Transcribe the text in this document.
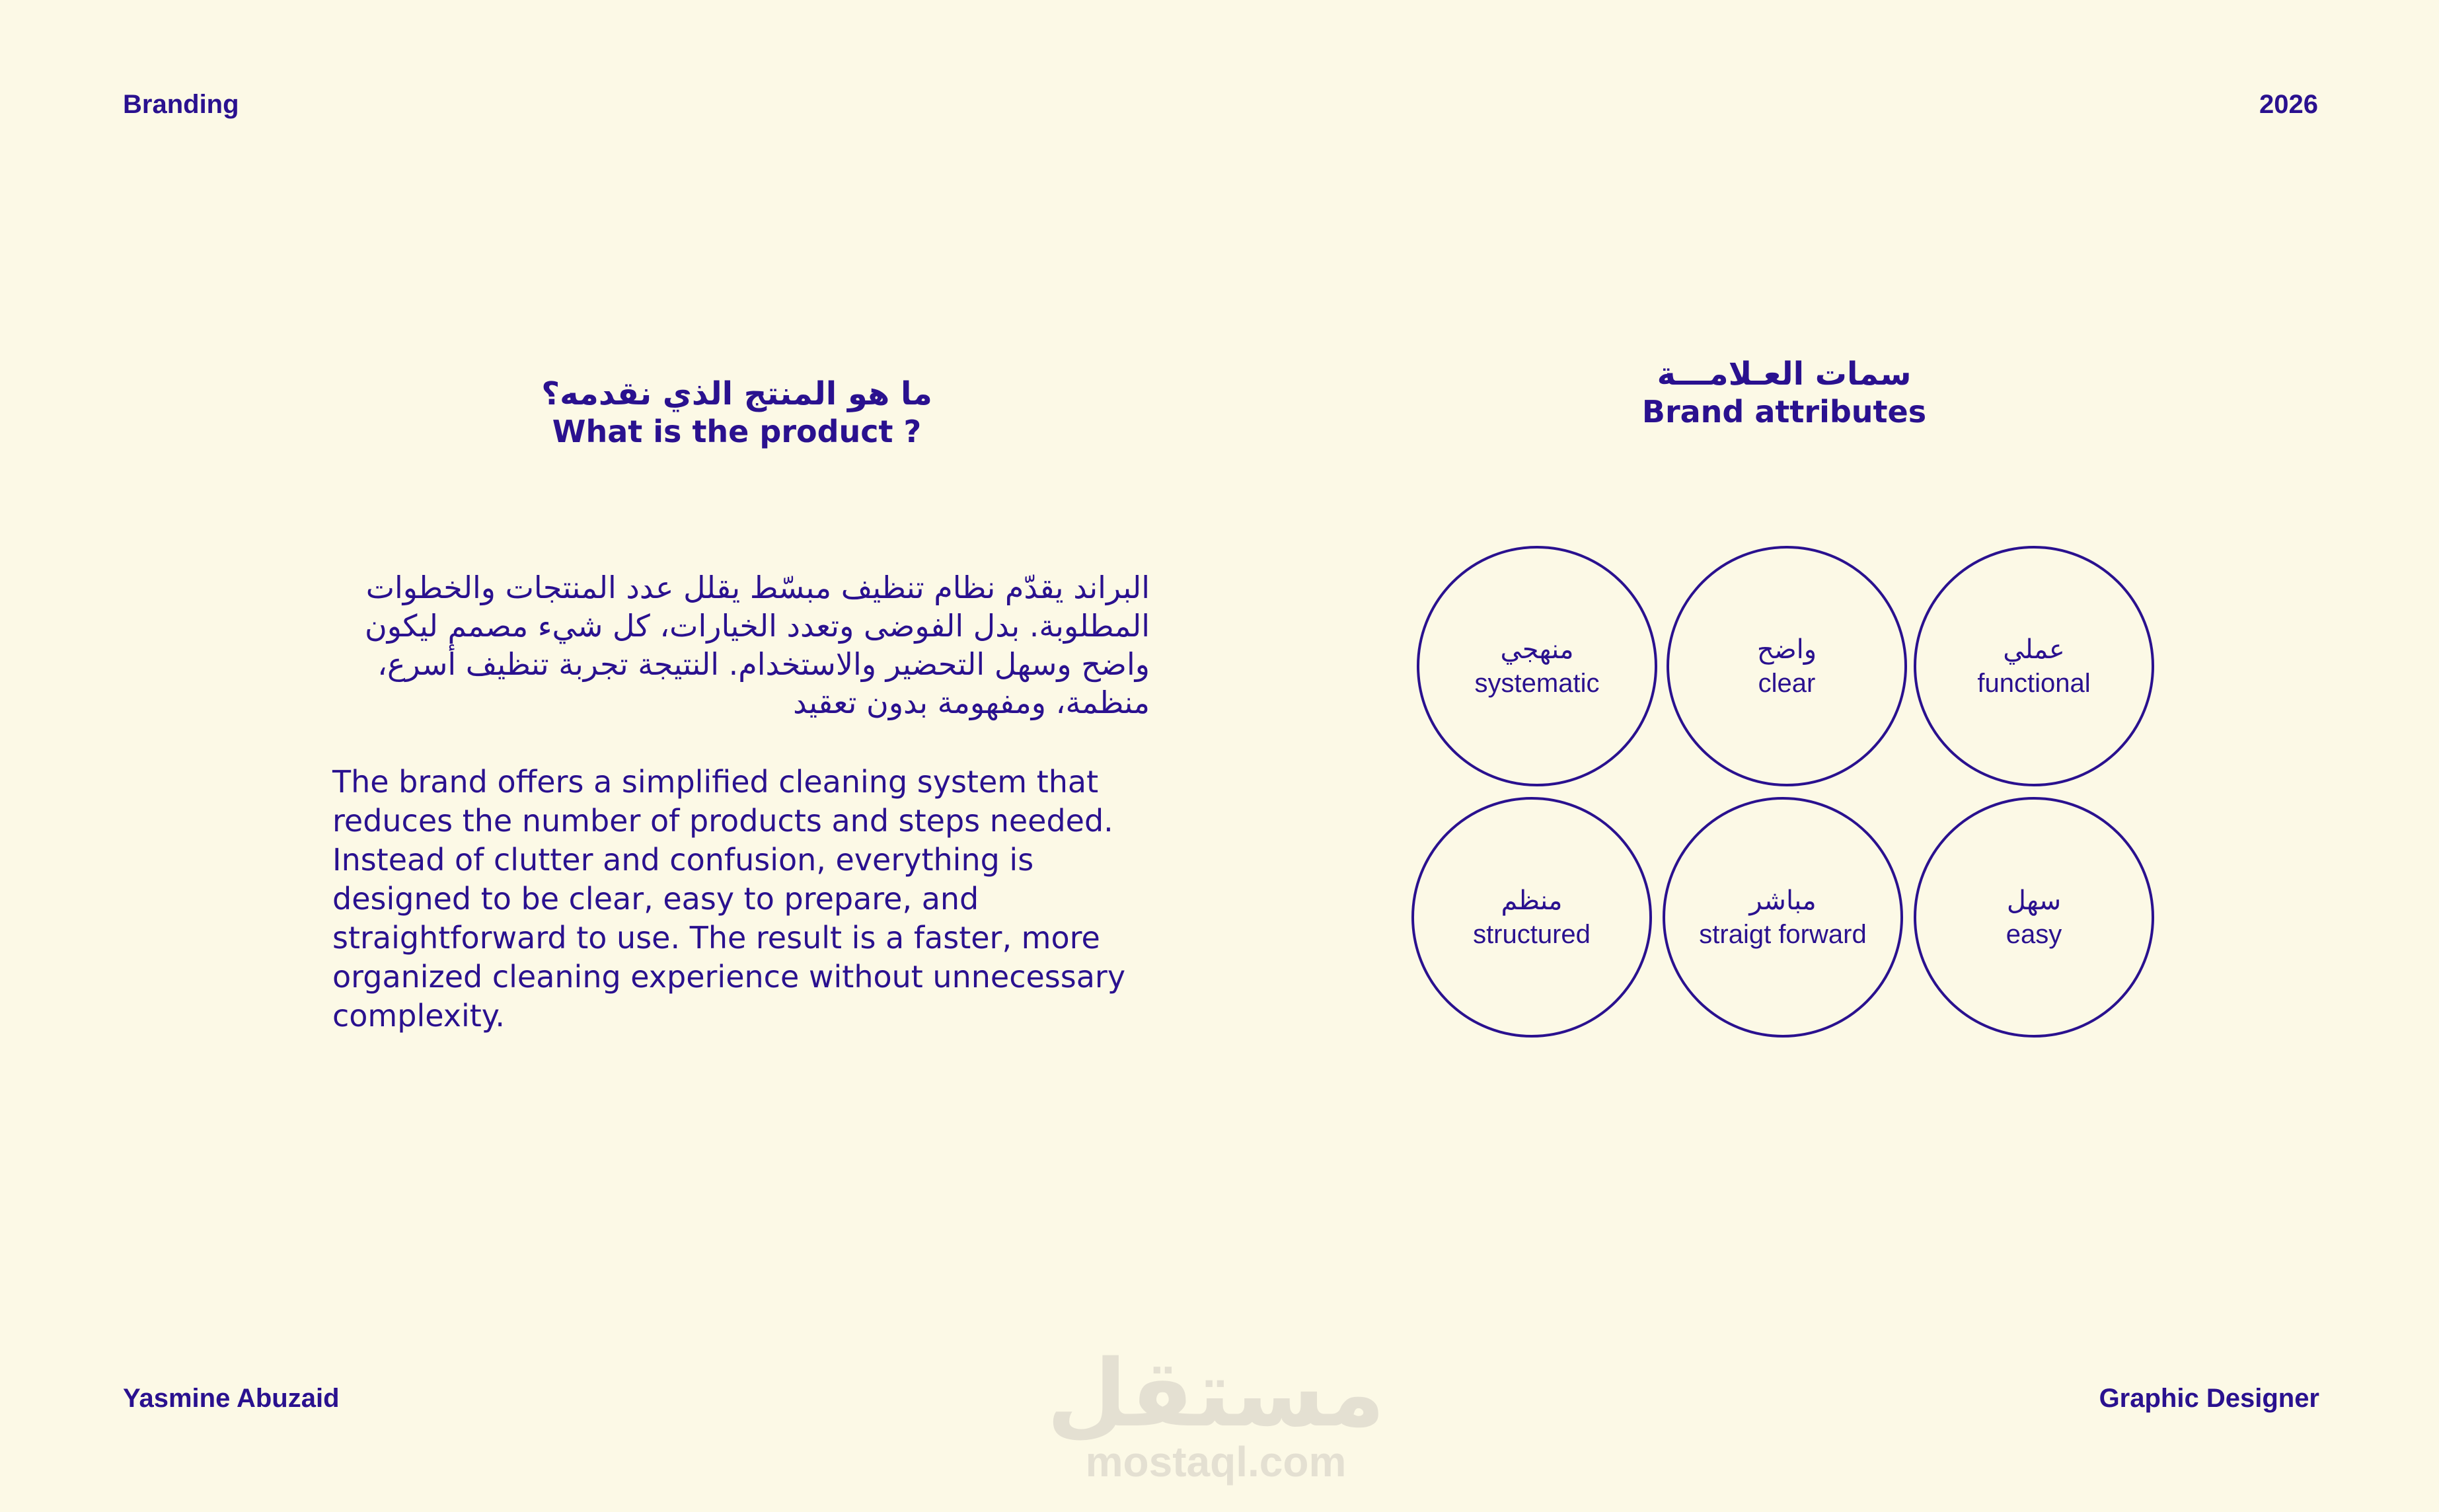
Branding	2026
ما هو المنتج الذي نقدمه؟
What is the product ?

البراند يقدّم نظام تنظيف مبسّط يقلل عدد المنتجات والخطوات المطلوبة. بدل الفوضى وتعدد الخيارات، كل شيء مصمم ليكون واضح وسهل التحضير والاستخدام. النتيجة تجربة تنظيف أسرع، منظمة، ومفهومة بدون تعقيد

The brand offers a simplified cleaning system that reduces the number of products and steps needed. Instead of clutter and confusion, everything is designed to be clear, easy to prepare, and straightforward to use. The result is a faster, more organized cleaning experience without unnecessary complexity.

سمات العـلامـــة
Brand attributes
منهجي
systematic
واضح
clear
عملي
functional
منظم
structured
مباشر
straigt forward
سهل
easy
Yasmine Abuzaid	Graphic Designer
مستقل
mostaql.com
